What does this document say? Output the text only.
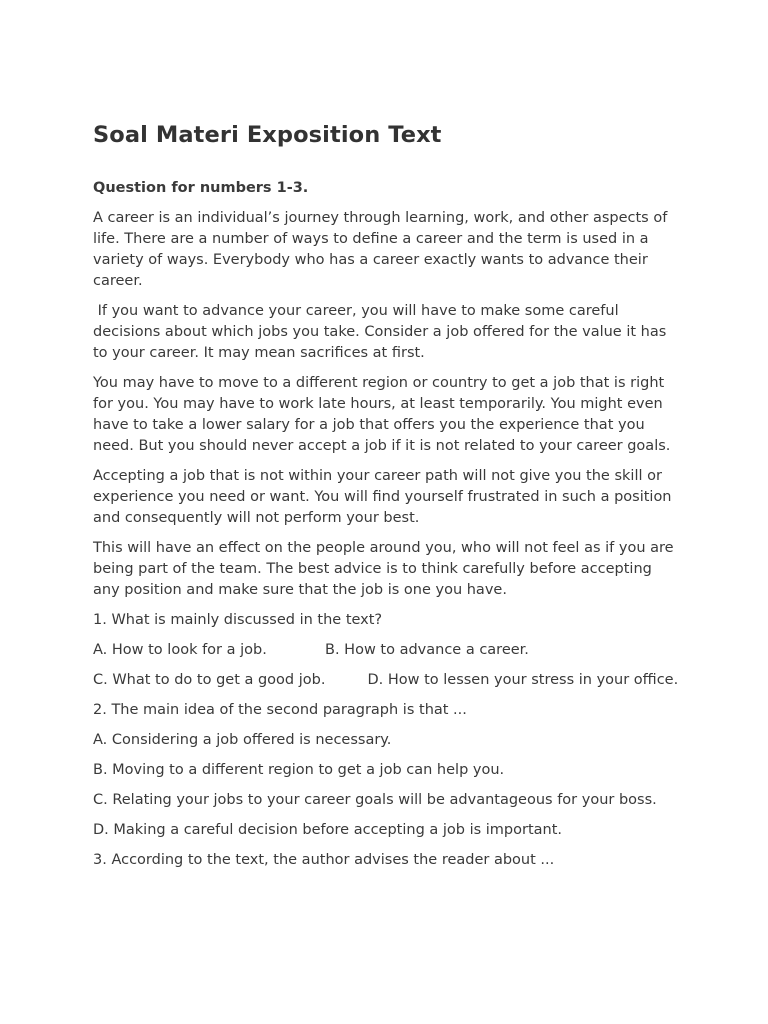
Soal Materi Exposition Text
Question for numbers 1-3.

A career is an individual’s journey through learning, work, and other aspects of life. There are a number of ways to define a career and the term is used in a variety of ways. Everybody who has a career exactly wants to advance their career.

If you want to advance your career, you will have to make some careful decisions about which jobs you take. Consider a job offered for the value it has to your career. It may mean sacrifices at first.

You may have to move to a different region or country to get a job that is right for you. You may have to work late hours, at least temporarily. You might even have to take a lower salary for a job that offers you the experience that you need. But you should never accept a job if it is not related to your career goals.

Accepting a job that is not within your career path will not give you the skill or experience you need or want. You will find yourself frustrated in such a position and consequently will not perform your best.

This will have an effect on the people around you, who will not feel as if you are being part of the team. The best advice is to think carefully before accepting any position and make sure that the job is one you have.

1. What is mainly discussed in the text?
A. How to look for a job.	B. How to advance a career.
C. What to do to get a good job.	D. How to lessen your stress in your office.
2. The main idea of the second paragraph is that ...
A. Considering a job offered is necessary.
B. Moving to a different region to get a job can help you.
C. Relating your jobs to your career goals will be advantageous for your boss.
D. Making a careful decision before accepting a job is important.
3. According to the text, the author advises the reader about ...
